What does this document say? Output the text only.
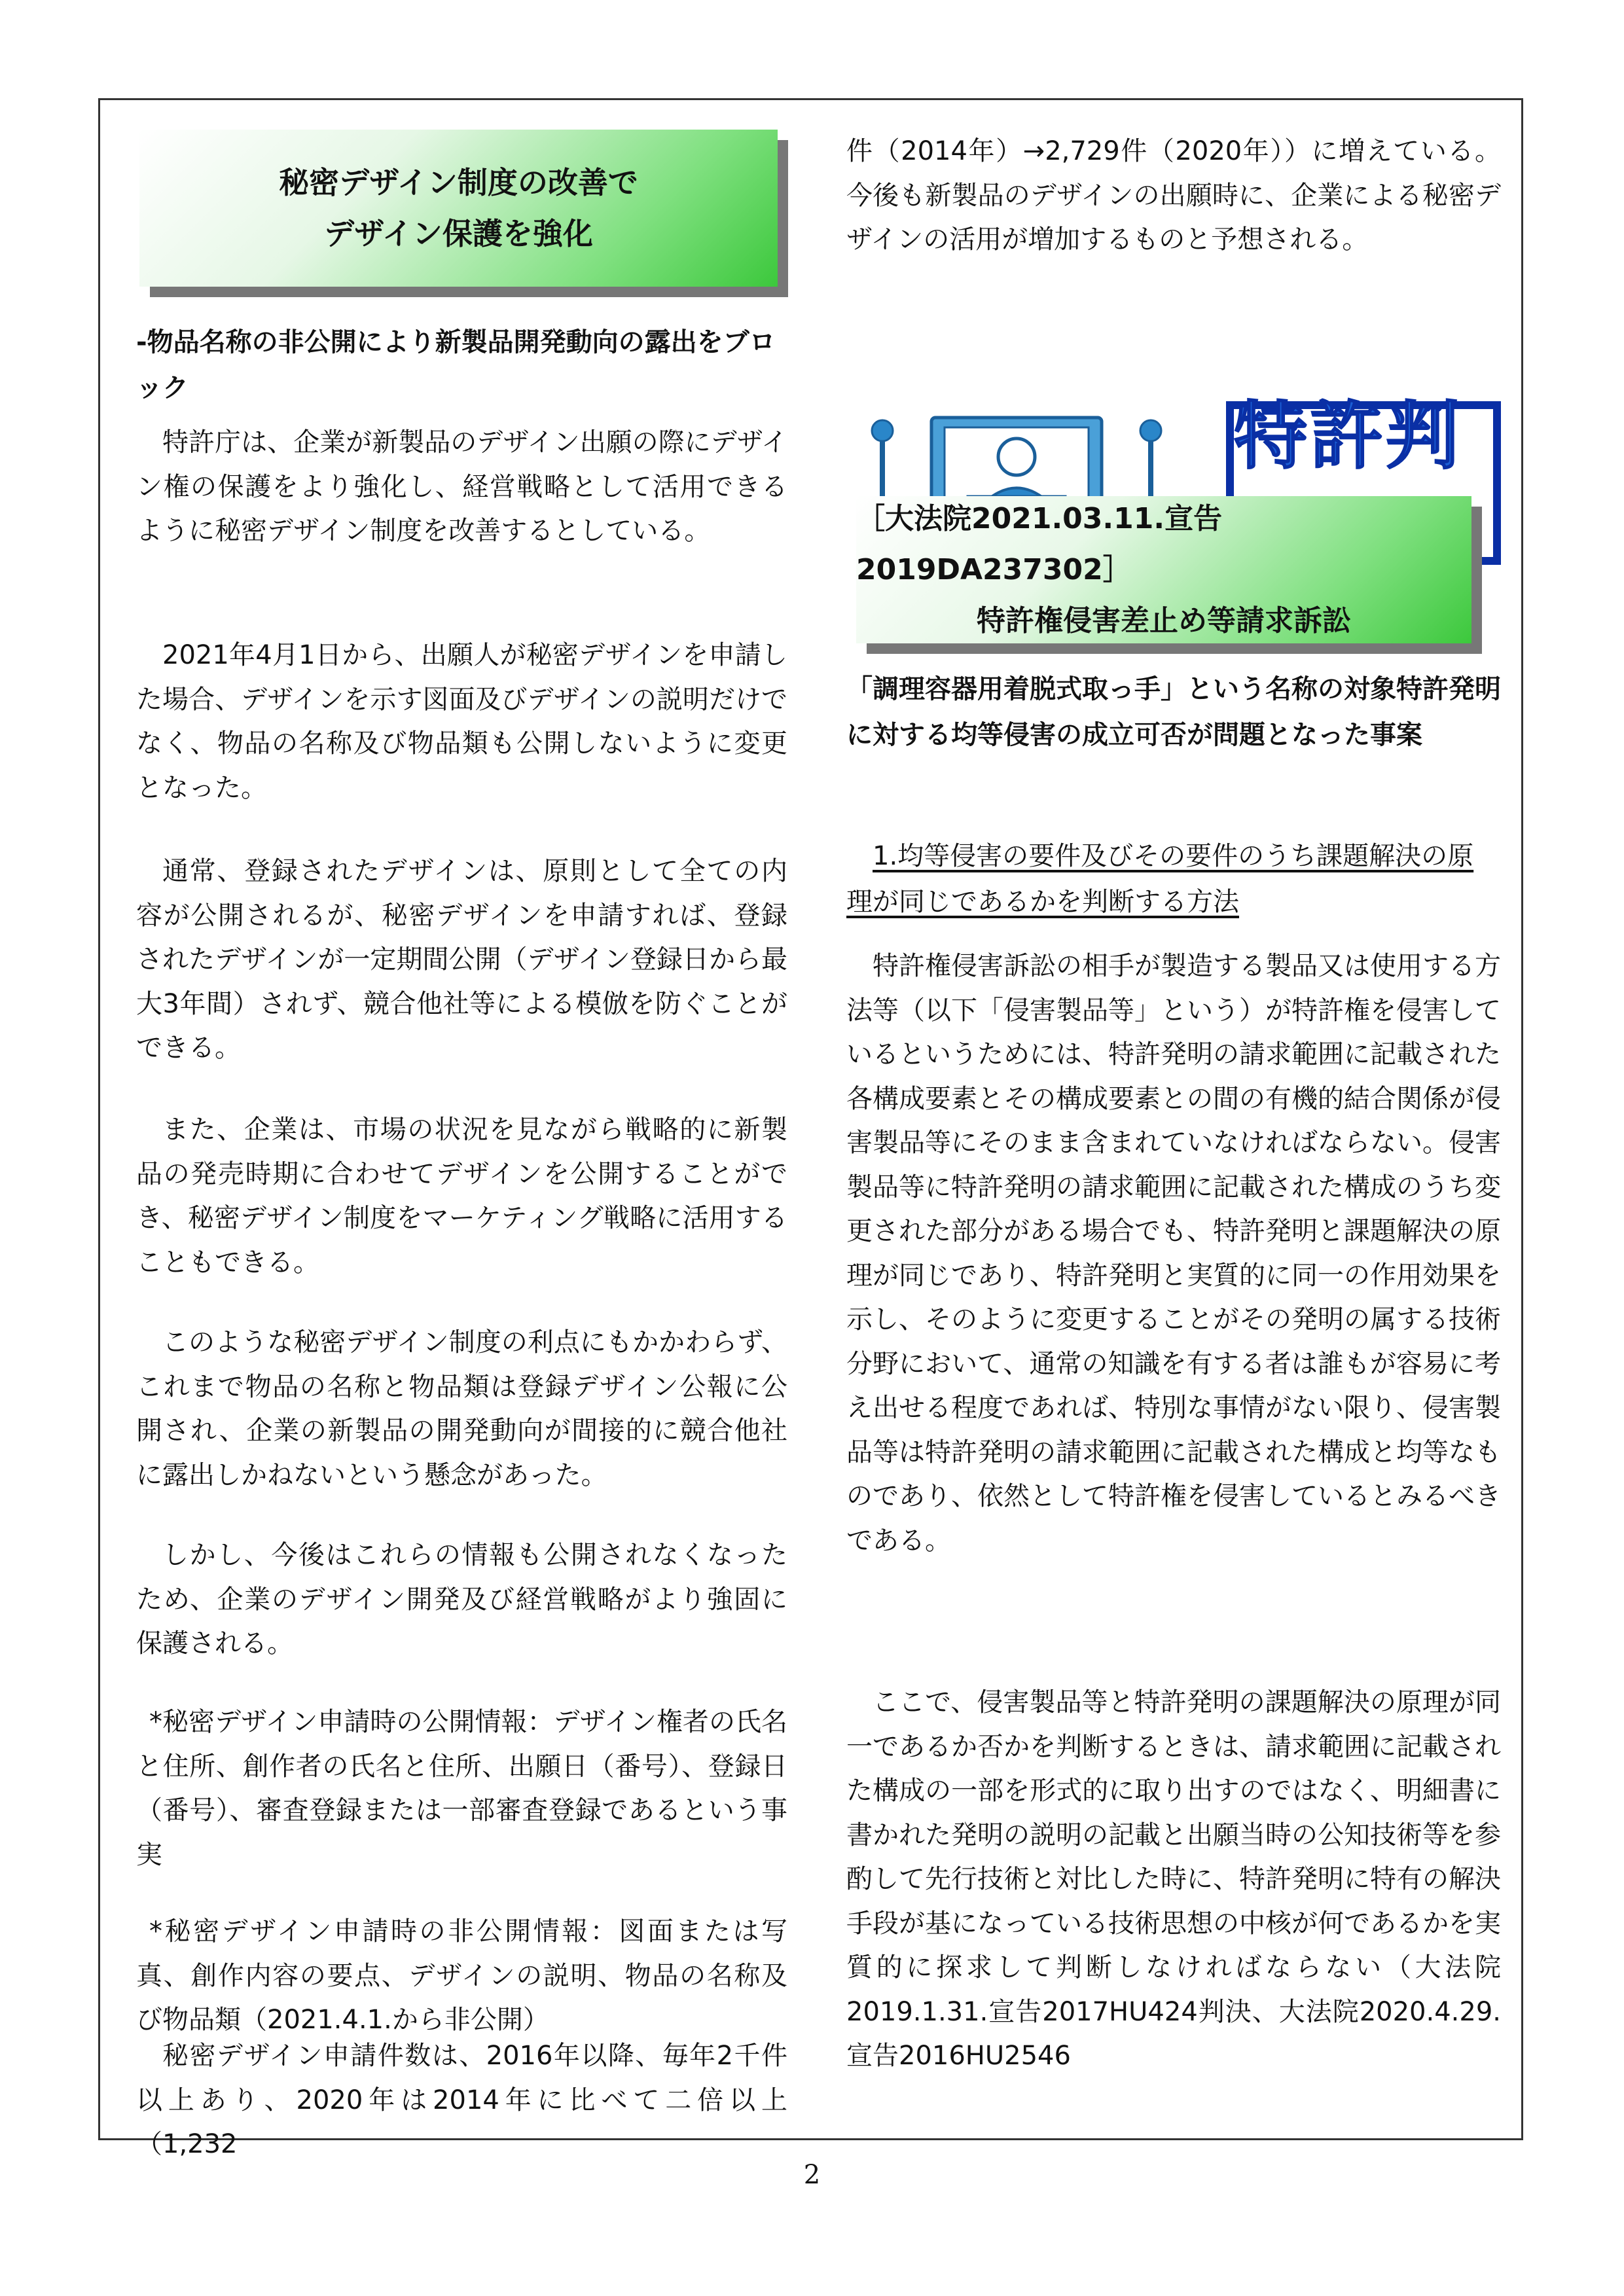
秘密デザイン制度の改善で

デザイン保護を強化

-物品名称の非公開により新製品開発動向の露出をブロック

特許庁は、企業が新製品のデザイン出願の際にデザイン権の保護をより強化し、経営戦略として活用できるように秘密デザイン制度を改善するとしている。

2021年4月1日から、出願人が秘密デザインを申請した場合、デザインを示す図面及びデザインの説明だけでなく、物品の名称及び物品類も公開しないように変更となった。

通常、登録されたデザインは、原則として全ての内容が公開されるが、秘密デザインを申請すれば、登録されたデザインが一定期間公開（デザイン登録日から最大3年間）されず、競合他社等による模倣を防ぐことができる。

また、企業は、市場の状況を見ながら戦略的に新製品の発売時期に合わせてデザインを公開することができ、秘密デザイン制度をマーケティング戦略に活用することもできる。

このような秘密デザイン制度の利点にもかかわらず、これまで物品の名称と物品類は登録デザイン公報に公開され、企業の新製品の開発動向が間接的に競合他社に露出しかねないという懸念があった。

しかし、今後はこれらの情報も公開されなくなったため、企業のデザイン開発及び経営戦略がより強固に保護される。

*秘密デザイン申請時の公開情報：デザイン権者の氏名と住所、創作者の氏名と住所、出願日（番号）、登録日（番号）、審査登録または一部審査登録であるという事実

*秘密デザイン申請時の非公開情報：図面または写真、創作内容の要点、デザインの説明、物品の名称及び物品類（2021.4.1.から非公開）

秘密デザイン申請件数は、2016年以降、毎年2千件以上あり、2020年は2014年に比べて二倍以上（1,232

件（2014年）→2,729件（2020年））に増えている。今後も新製品のデザインの出願時に、企業による秘密デザインの活用が増加するものと予想される。

特許判

［大法院2021.03.11.宣告2019DA237302］

特許権侵害差止め等請求訴訟

「調理容器用着脱式取っ手」という名称の対象特許発明に対する均等侵害の成立可否が問題となった事案

1.均等侵害の要件及びその要件のうち課題解決の原理が同じであるかを判断する方法

特許権侵害訴訟の相手が製造する製品又は使用する方法等（以下「侵害製品等」という）が特許権を侵害しているというためには、特許発明の請求範囲に記載された各構成要素とその構成要素との間の有機的結合関係が侵害製品等にそのまま含まれていなければならない。侵害製品等に特許発明の請求範囲に記載された構成のうち変更された部分がある場合でも、特許発明と課題解決の原理が同じであり、特許発明と実質的に同一の作用効果を示し、そのように変更することがその発明の属する技術分野において、通常の知識を有する者は誰もが容易に考え出せる程度であれば、特別な事情がない限り、侵害製品等は特許発明の請求範囲に記載された構成と均等なものであり、依然として特許権を侵害しているとみるべきである。

ここで、侵害製品等と特許発明の課題解決の原理が同一であるか否かを判断するときは、請求範囲に記載された構成の一部を形式的に取り出すのではなく、明細書に書かれた発明の説明の記載と出願当時の公知技術等を参酌して先行技術と対比した時に、特許発明に特有の解決手段が基になっている技術思想の中核が何であるかを実質的に探求して判断しなければならない（大法院2019.1.31.宣告2017HU424判決、大法院2020.4.29.宣告2016HU2546

2
